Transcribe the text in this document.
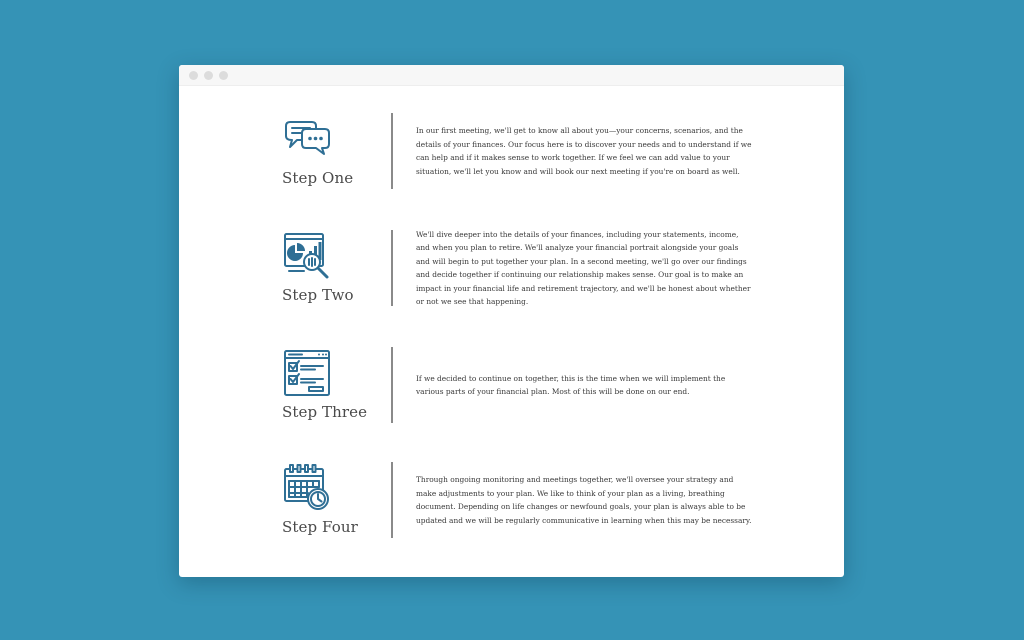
Step One

In our first meeting, we'll get to know all about you—your concerns, scenarios, and the details of your finances. Our focus here is to discover your needs and to understand if we can help and if it makes sense to work together. If we feel we can add value to your situation, we'll let you know and will book our next meeting if you're on board as well.

Step Two

We'll dive deeper into the details of your finances, including your statements, income, and when you plan to retire. We'll analyze your financial portrait alongside your goals and will begin to put together your plan. In a second meeting, we'll go over our findings and decide together if continuing our relationship makes sense. Our goal is to make an impact in your financial life and retirement trajectory, and we'll be honest about whether or not we see that happening.

Step Three

If we decided to continue on together, this is the time when we will implement the various parts of your financial plan. Most of this will be done on our end.

Step Four

Through ongoing monitoring and meetings together, we'll oversee your strategy and make adjustments to your plan. We like to think of your plan as a living, breathing document. Depending on life changes or newfound goals, your plan is always able to be updated and we will be regularly communicative in learning when this may be necessary.
